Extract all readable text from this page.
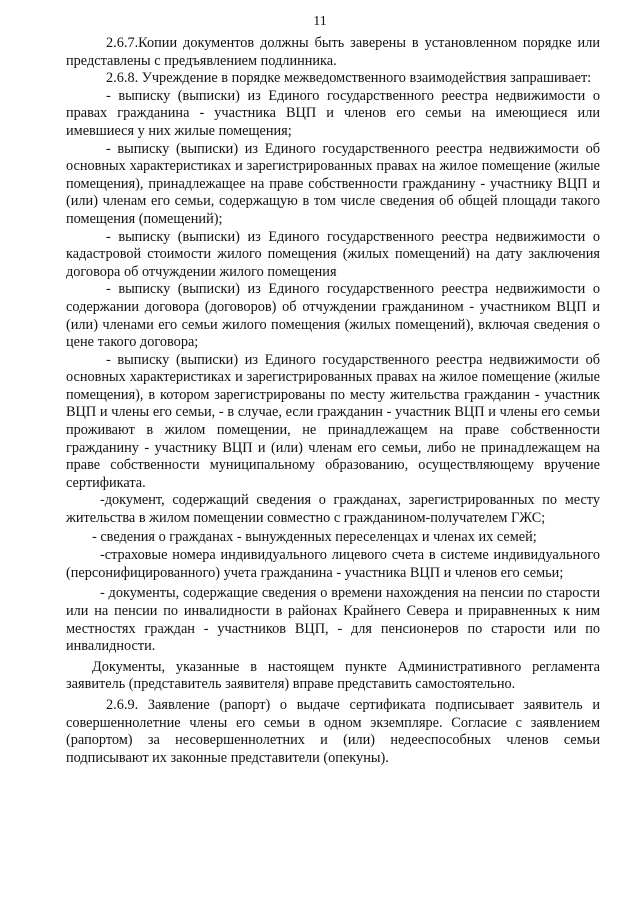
11

2.6.7.Копии документов должны быть заверены в установленном порядке или представлены с предъявлением подлинника.

2.6.8. Учреждение в порядке межведомственного взаимодействия запрашивает:

- выписку (выписки) из Единого государственного реестра недвижимости о правах гражданина - участника ВЦП и членов его семьи на имеющиеся или имевшиеся у них жилые помещения;

- выписку (выписки) из Единого государственного реестра недвижимости об основных характеристиках и зарегистрированных правах на жилое помещение (жилые помещения), принадлежащее на праве собственности гражданину - участнику ВЦП и (или) членам его семьи, содержащую в том числе сведения об общей площади такого помещения (помещений);

- выписку (выписки) из Единого государственного реестра недвижимости о кадастровой стоимости жилого помещения (жилых помещений) на дату заключения договора об отчуждении жилого помещения

- выписку (выписки) из Единого государственного реестра недвижимости о содержании договора (договоров) об отчуждении гражданином - участником ВЦП и (или) членами его семьи жилого помещения (жилых помещений), включая сведения о цене такого договора;

- выписку (выписки) из Единого государственного реестра недвижимости об основных характеристиках и зарегистрированных правах на жилое помещение (жилые помещения), в котором зарегистрированы по месту жительства гражданин - участник ВЦП и члены его семьи, - в случае, если гражданин - участник ВЦП и члены его семьи проживают в жилом помещении, не принадлежащем на праве собственности гражданину - участнику ВЦП и (или) членам его семьи, либо не принадлежащем на праве собственности муниципальному образованию, осуществляющему вручение сертификата.

-документ, содержащий сведения о гражданах, зарегистрированных по месту жительства в жилом помещении совместно с гражданином-получателем ГЖС;

- сведения о гражданах - вынужденных переселенцах и членах их семей;

-страховые номера индивидуального лицевого счета в системе индивидуального (персонифицированного) учета гражданина - участника ВЦП и членов его семьи;

- документы, содержащие сведения о времени нахождения на пенсии по старости или на пенсии по инвалидности в районах Крайнего Севера и приравненных к ним местностях граждан - участников ВЦП, - для пенсионеров по старости или по инвалидности.

Документы, указанные в настоящем пункте Административного регламента заявитель (представитель заявителя) вправе представить самостоятельно.

2.6.9. Заявление (рапорт) о выдаче сертификата подписывает заявитель и совершеннолетние члены его семьи в одном экземпляре. Согласие с заявлением (рапортом) за несовершеннолетних и (или) недееспособных членов семьи подписывают их законные представители (опекуны).
